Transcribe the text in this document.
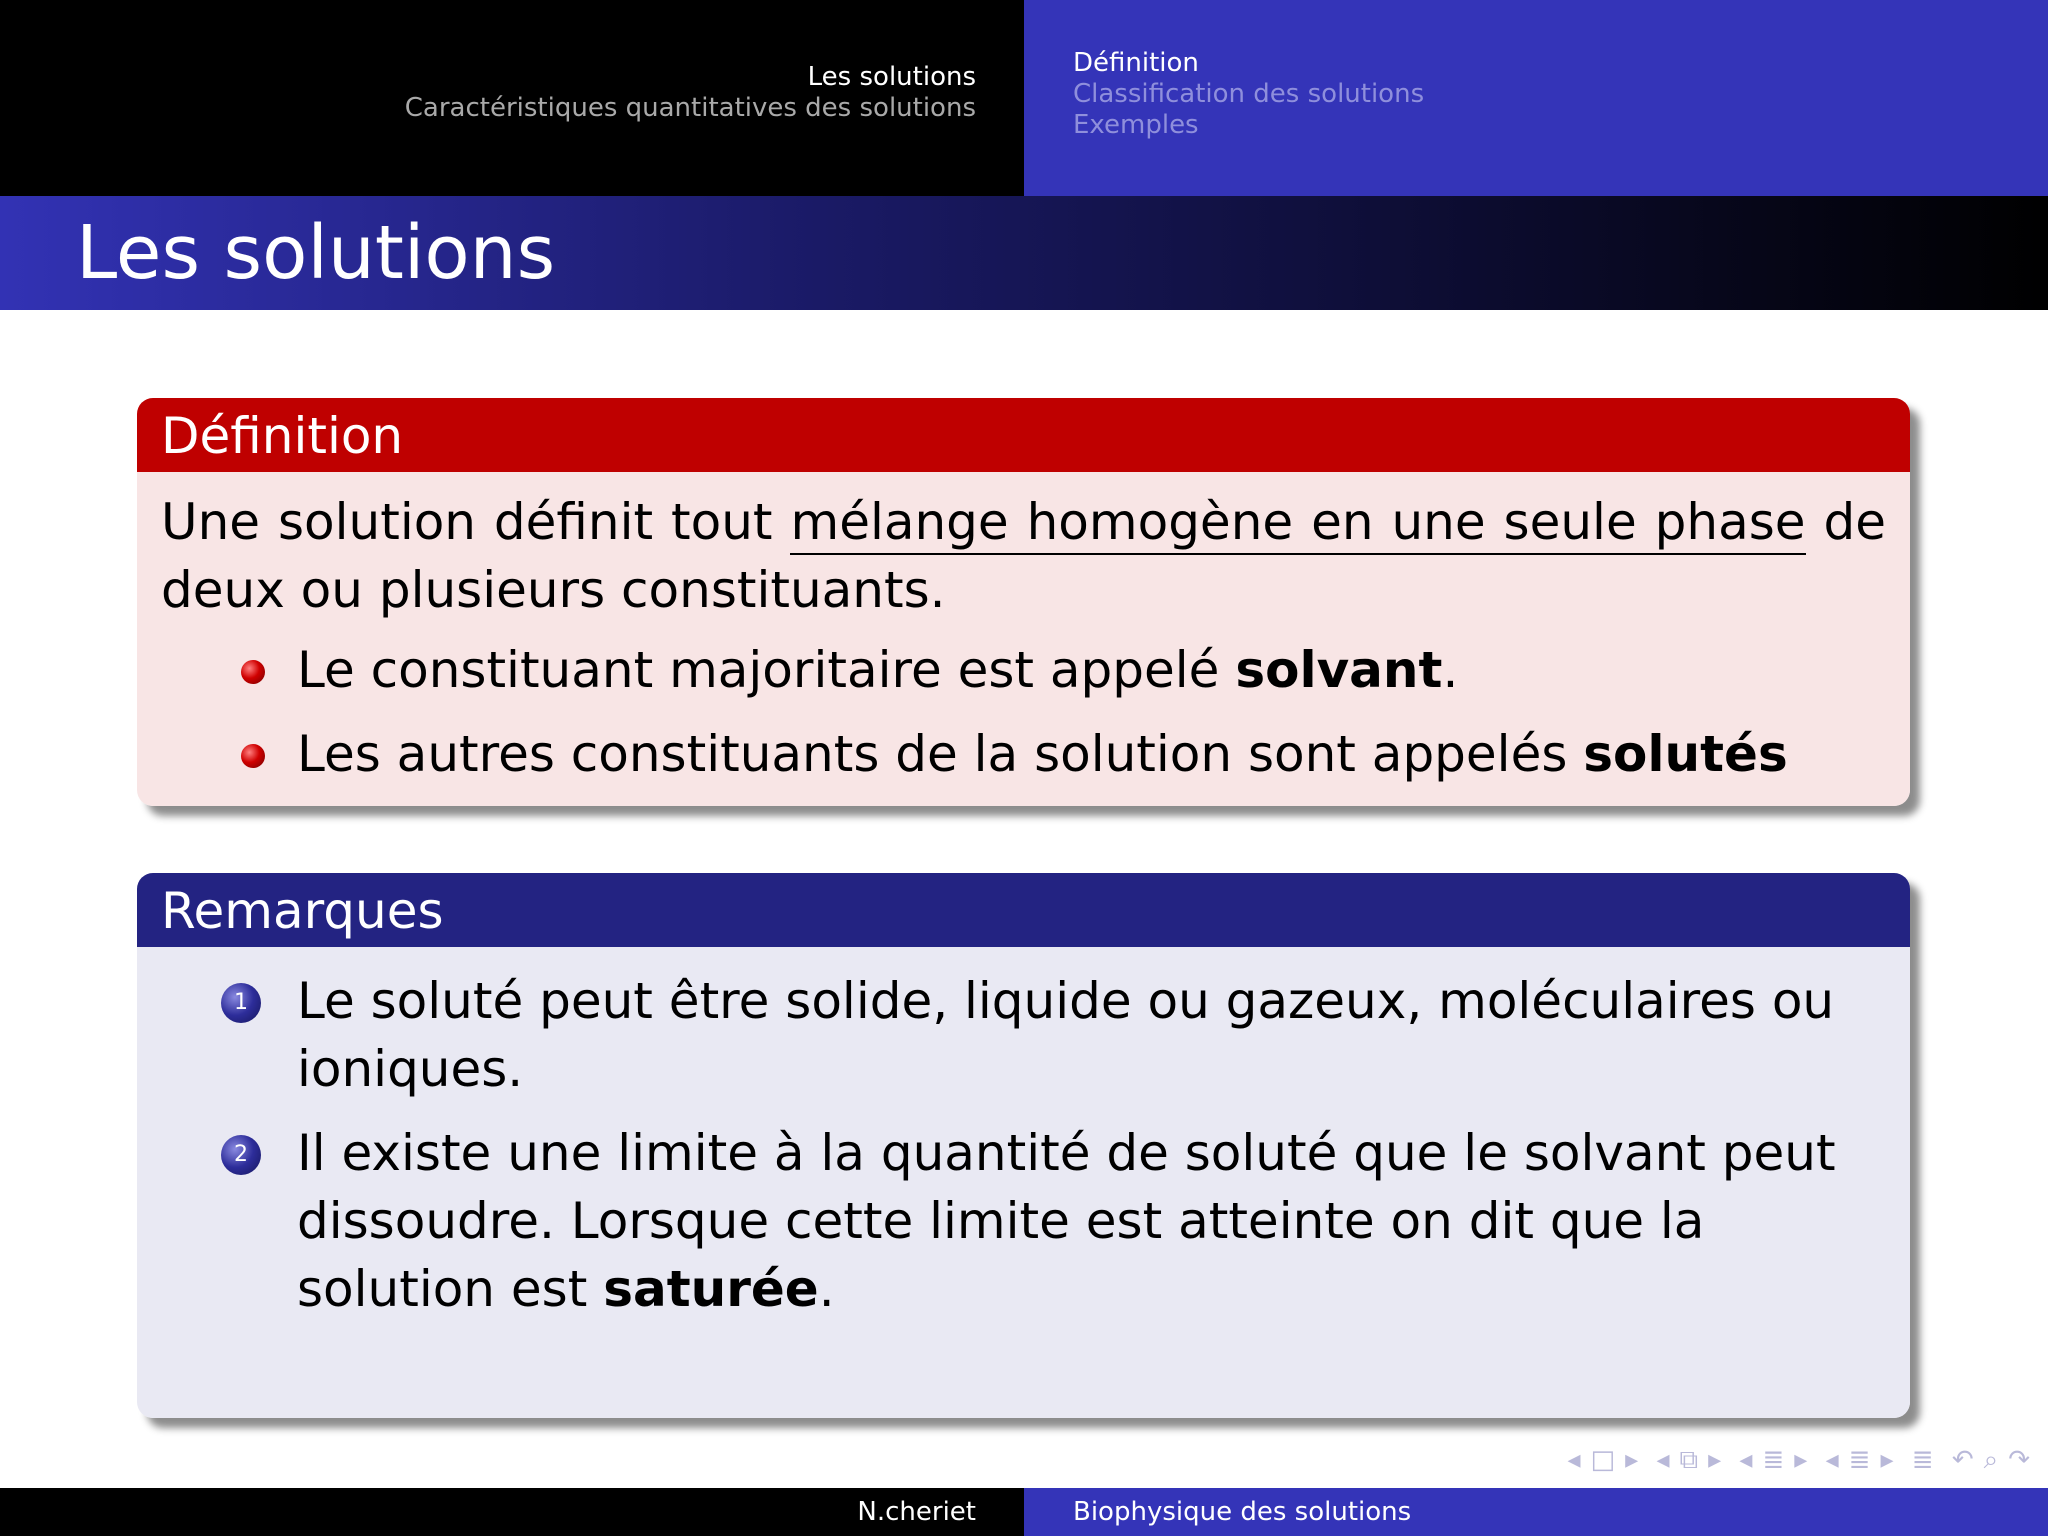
Les solutions
Caractéristiques quantitatives des solutions
Définition
Classification des solutions
Exemples
Les solutions
Définition

Une solution définit tout mélange homogène en une seule phase de deux ou plusieurs constituants.

Le constituant majoritaire est appelé solvant.
Les autres constituants de la solution sont appelés solutés
Remarques
1 Le soluté peut être solide, liquide ou gazeux, moléculaires ou ioniques.
2 Il existe une limite à la quantité de soluté que le solvant peut dissoudre. Lorsque cette limite est atteinte on dit que la solution est saturée.
◂ □ ▸ ◂ ⧉ ▸ ◂ ≣ ▸ ◂ ≣ ▸ ≣ ↶ ⌕ ↷
N.cheriet	Biophysique des solutions
